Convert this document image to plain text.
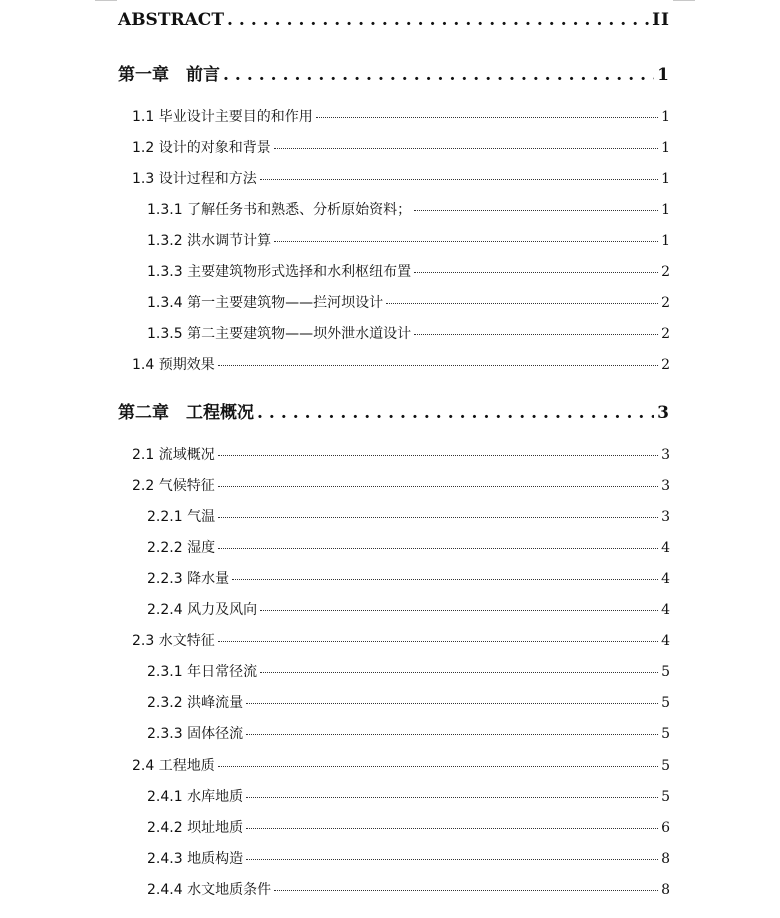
ABSTRACT .....	II
第一章　前言 .....	1
1.1 毕业设计主要目的和作用	1
1.2 设计的对象和背景	1
1.3 设计过程和方法	1
1.3.1 了解任务书和熟悉、分析原始资料；	1
1.3.2 洪水调节计算	1
1.3.3 主要建筑物形式选择和水利枢纽布置	2
1.3.4 第一主要建筑物——拦河坝设计	2
1.3.5 第二主要建筑物——坝外泄水道设计	2
1.4 预期效果	2
第二章　工程概况 .....	3
2.1 流域概况	3
2.2 气候特征	3
2.2.1 气温	3
2.2.2 湿度	4
2.2.3 降水量	4
2.2.4 风力及风向	4
2.3 水文特征	4
2.3.1 年日常径流	5
2.3.2 洪峰流量	5
2.3.3 固体径流	5
2.4 工程地质	5
2.4.1 水库地质	5
2.4.2 坝址地质	6
2.4.3 地质构造	8
2.4.4 水文地质条件	8
